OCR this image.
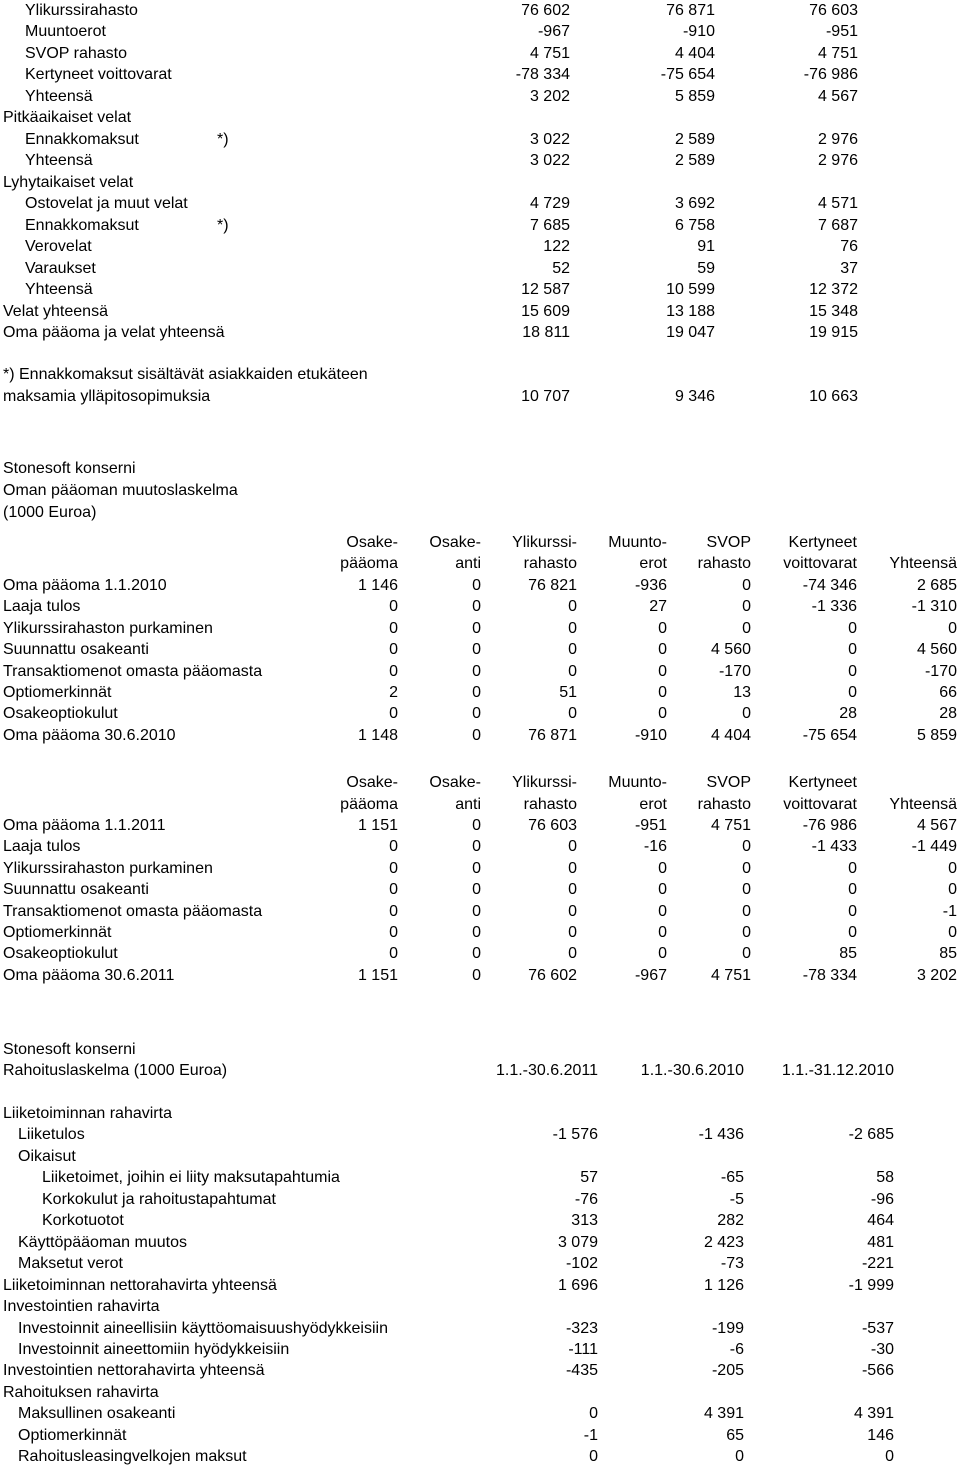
Ylikurssirahasto	76 602	76 871	76 603
Muuntoerot	-967	-910	-951
SVOP rahasto	4 751	4 404	4 751
Kertyneet voittovarat	-78 334	-75 654	-76 986
Yhteensä	3 202	5 859	4 567
Pitkäaikaiset velat
Ennakkomaksut	*)	3 022	2 589	2 976
Yhteensä	3 022	2 589	2 976
Lyhytaikaiset velat
Ostovelat ja muut velat	4 729	3 692	4 571
Ennakkomaksut	*)	7 685	6 758	7 687
Verovelat	122	91	76
Varaukset	52	59	37
Yhteensä	12 587	10 599	12 372
Velat yhteensä	15 609	13 188	15 348
Oma pääoma ja velat yhteensä	18 811	19 047	19 915
*) Ennakkomaksut sisältävät asiakkaiden etukäteen
maksamia ylläpitosopimuksia	10 707	9 346	10 663
Stonesoft konserni
Oman pääoman muutoslaskelma
(1000 Euroa)
Osake-	Osake-	Ylikurssi-	Muunto-	SVOP	Kertyneet
pääoma	anti	rahasto	erot	rahasto	voittovarat	Yhteensä
Oma pääoma 1.1.2010	1 146	0	76 821	-936	0	-74 346	2 685
Laaja tulos	0	0	0	27	0	-1 336	-1 310
Ylikurssirahaston purkaminen	0	0	0	0	0	0	0
Suunnattu osakeanti	0	0	0	0	4 560	0	4 560
Transaktiomenot omasta pääomasta	0	0	0	0	-170	0	-170
Optiomerkinnät	2	0	51	0	13	0	66
Osakeoptiokulut	0	0	0	0	0	28	28
Oma pääoma 30.6.2010	1 148	0	76 871	-910	4 404	-75 654	5 859
Osake-	Osake-	Ylikurssi-	Muunto-	SVOP	Kertyneet
pääoma	anti	rahasto	erot	rahasto	voittovarat	Yhteensä
Oma pääoma 1.1.2011	1 151	0	76 603	-951	4 751	-76 986	4 567
Laaja tulos	0	0	0	-16	0	-1 433	-1 449
Ylikurssirahaston purkaminen	0	0	0	0	0	0	0
Suunnattu osakeanti	0	0	0	0	0	0	0
Transaktiomenot omasta pääomasta	0	0	0	0	0	0	-1
Optiomerkinnät	0	0	0	0	0	0	0
Osakeoptiokulut	0	0	0	0	0	85	85
Oma pääoma 30.6.2011	1 151	0	76 602	-967	4 751	-78 334	3 202
Stonesoft konserni
Rahoituslaskelma (1000 Euroa)	1.1.-30.6.2011	1.1.-30.6.2010	1.1.-31.12.2010
Liiketoiminnan rahavirta
Liiketulos	-1 576	-1 436	-2 685
Oikaisut
Liiketoimet, joihin ei liity maksutapahtumia	57	-65	58
Korkokulut ja rahoitustapahtumat	-76	-5	-96
Korkotuotot	313	282	464
Käyttöpääoman muutos	3 079	2 423	481
Maksetut verot	-102	-73	-221
Liiketoiminnan nettorahavirta yhteensä	1 696	1 126	-1 999
Investointien rahavirta
Investoinnit aineellisiin käyttöomaisuushyödykkeisiin	-323	-199	-537
Investoinnit aineettomiin hyödykkeisiin	-111	-6	-30
Investointien nettorahavirta yhteensä	-435	-205	-566
Rahoituksen rahavirta
Maksullinen osakeanti	0	4 391	4 391
Optiomerkinnät	-1	65	146
Rahoitusleasingvelkojen maksut	0	0	0
